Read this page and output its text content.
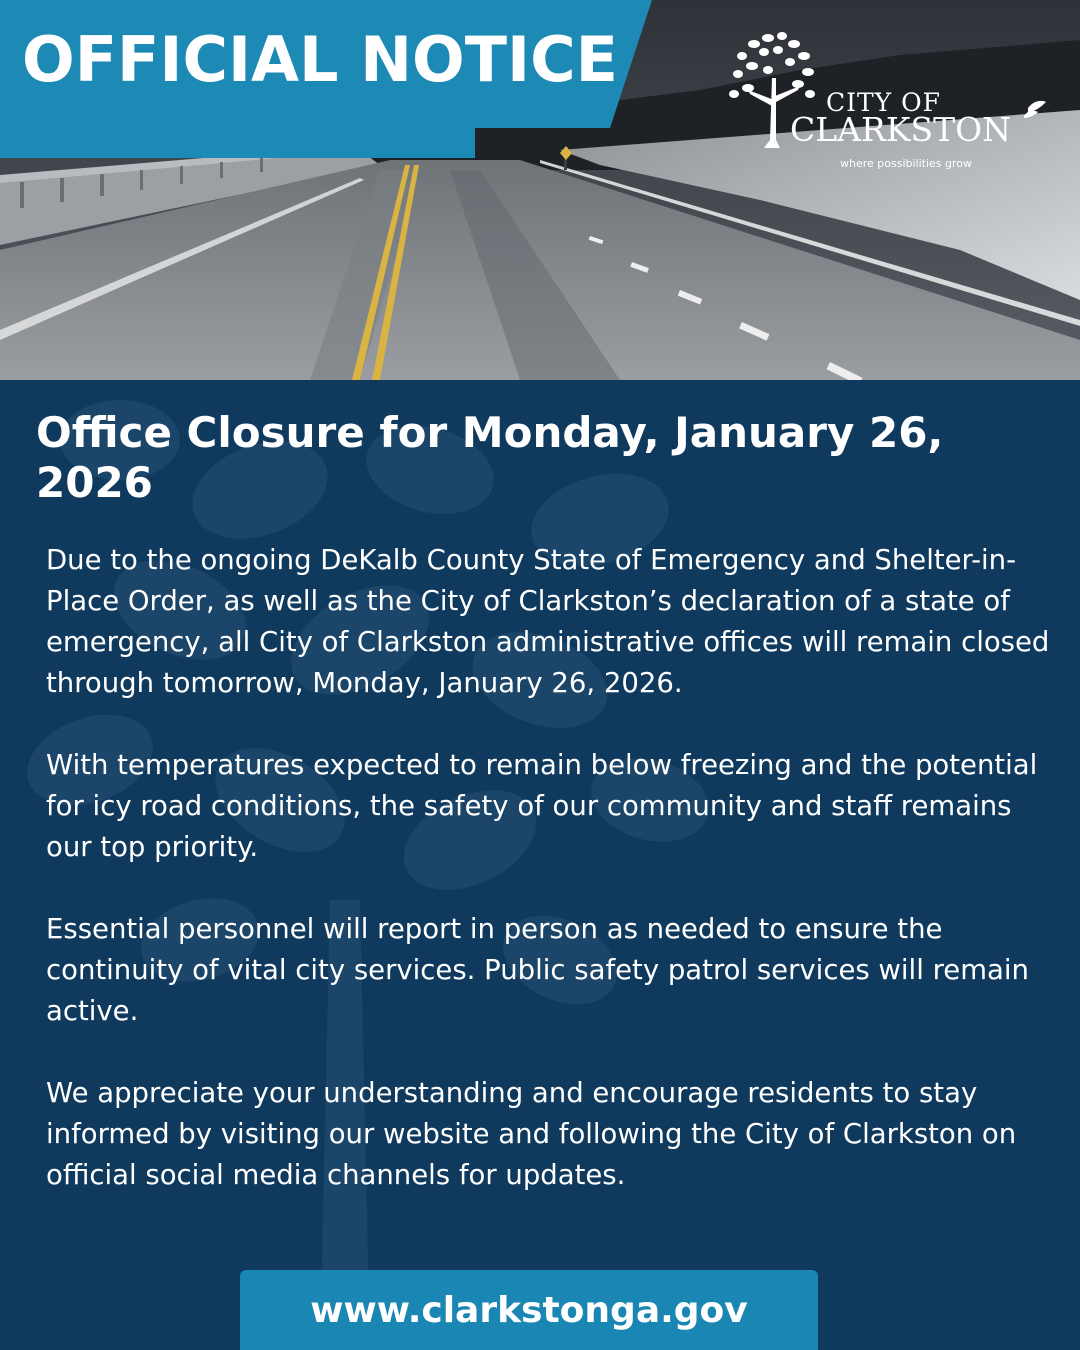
OFFICIAL NOTICE
CITY OF
CLARKSTON
where possibilities grow
Office Closure for Monday, January 26, 2026

Due to the ongoing DeKalb County State of Emergency and Shelter-in-Place Order, as well as the City of Clarkston’s declaration of a state of emergency, all City of Clarkston administrative offices will remain closed through tomorrow, Monday, January 26, 2026.

With temperatures expected to remain below freezing and the potential for icy road conditions, the safety of our community and staff remains our top priority.

Essential personnel will report in person as needed to ensure the continuity of vital city services. Public safety patrol services will remain active.

We appreciate your understanding and encourage residents to stay informed by visiting our website and following the City of Clarkston on official social media channels for updates.

www.clarkstonga.gov
